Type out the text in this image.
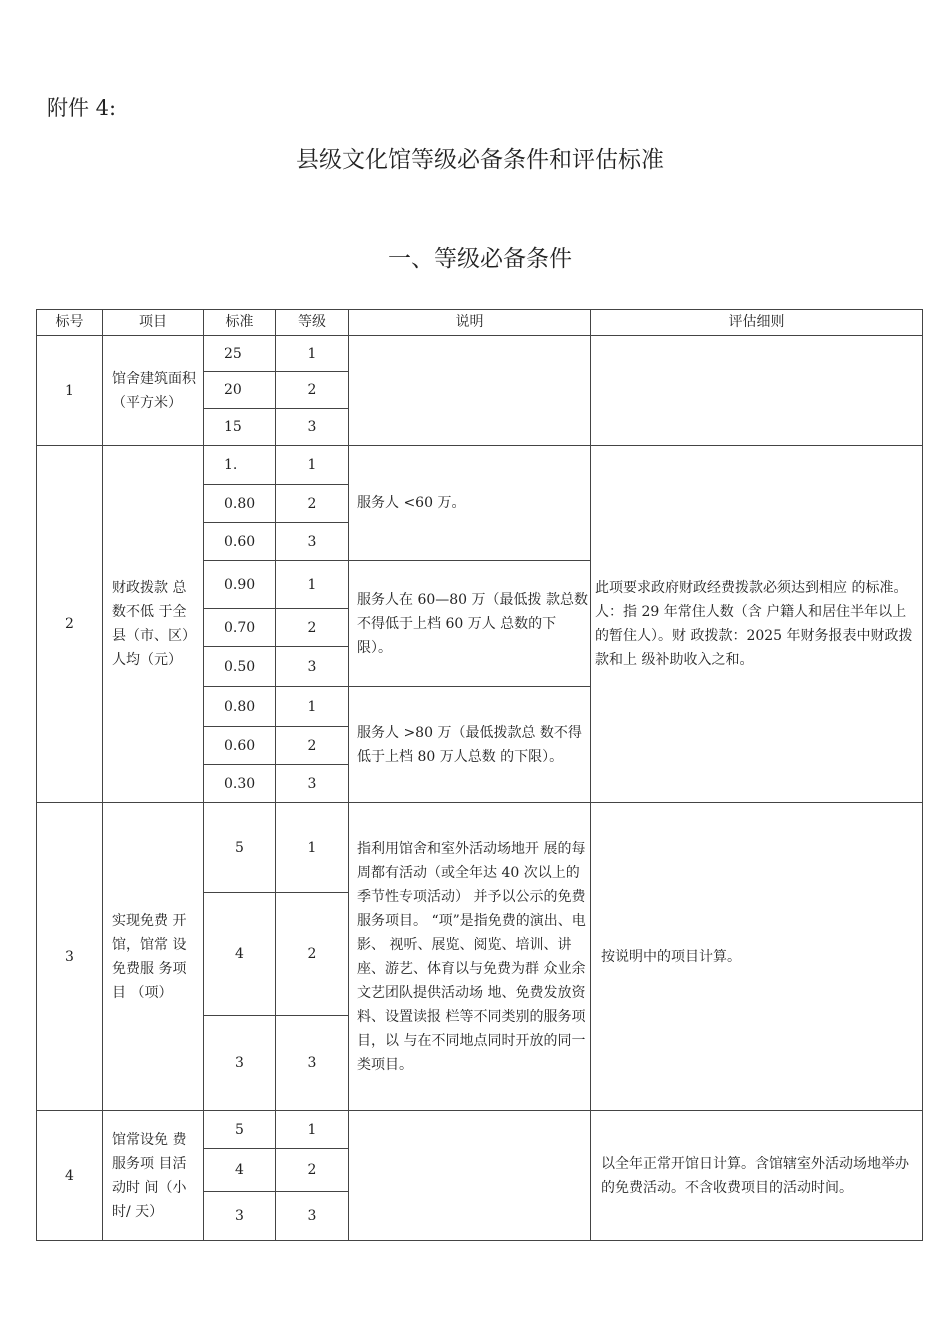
附件 4:
县级文化馆等级必备条件和评估标准
一、等级必备条件
标号	项目	标准	等级	说明	评估细则
1	馆舍建筑面积（平方米）	25	1		
		20	2		
		15	3		
2	财政拨款 总数不低 于全县（市、区）人均（元）	1.	1	服务人 <60 万。	此项要求政府财政经费拨款必须达到相应 的标准。人：指 29 年常住人数（含 户籍人和居住半年以上的暂住人）。财 政拨款：2025 年财务报表中财政拨款和上 级补助收入之和。
		0.80	2		
		0.60	3		
		0.90	1	服务人在 60—80 万（最低拨 款总数不得低于上档 60 万人 总数的下限）。	
		0.70	2		
		0.50	3		
		0.80	1	服务人 >80 万（最低拨款总 数不得低于上档 80 万人总数 的下限）。	
		0.60	2		
		0.30	3		
3	实现免费 开馆，馆常 设免费服 务项目 （项）	5	1	指利用馆舍和室外活动场地开 展的每周都有活动（或全年达 40 次以上的季节性专项活动） 并予以公示的免费服务项目。 “项”是指免费的演出、电影、 视听、展览、阅览、培训、讲 座、游艺、体育以与免费为群 众业余文艺团队提供活动场 地、免费发放资料、设置读报 栏等不同类别的服务项目，以 与在不同地点同时开放的同一 类项目。	按说明中的项目计算。
		4	2		
		3	3		
4	馆常设免 费服务项 目活动时 间（小时/ 天）	5	1		以全年正常开馆日计算。含馆辖室外活动场地举办的免费活动。不含收费项目的活动时间。
		4	2		
		3	3		
